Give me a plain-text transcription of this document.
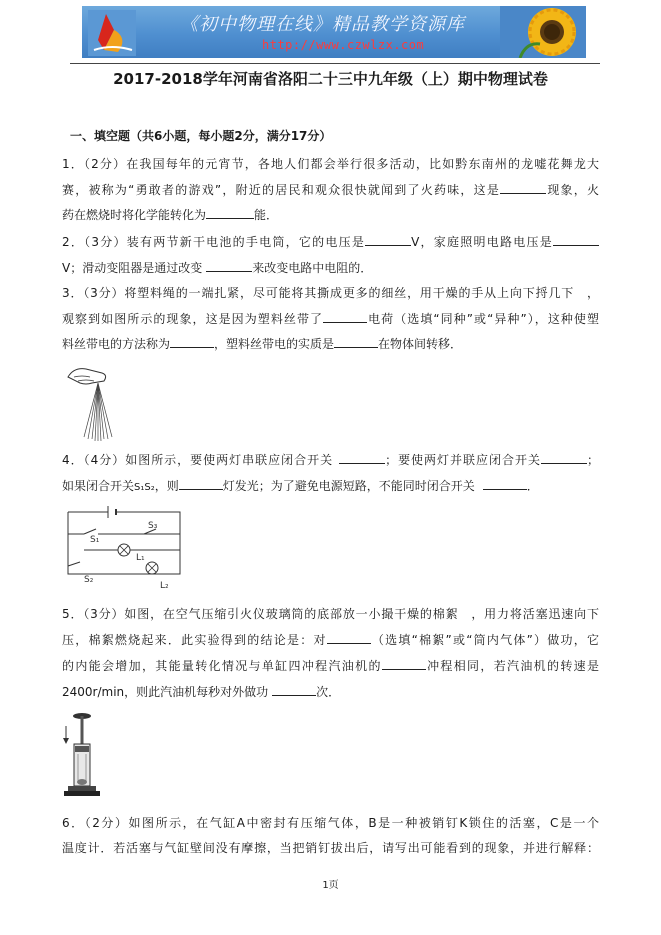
《初中物理在线》精品教学资源库
http://www.czwlzx.com
2017-2018学年河南省洛阳二十三中九年级（上）期中物理试卷
一、填空题（共6小题，每小题2分，满分17分）
1．（2分）在我国每年的元宵节，各地人们都会举行很多活动，比如黔东南州的龙嘘花舞龙大
赛，被称为“勇敢者的游戏”，附近的居民和观众很快就闻到了火药味，这是	现象，火
药在燃烧时将化学能转化为	能．
2．（3分）装有两节新干电池的手电筒，它的电压是	V，家庭照明电路电压是
V；滑动变阻器是通过改变	来改变电路中电阻的．
3．（3分）将塑料绳的一端扎紧，尽可能将其撕成更多的细丝，用干燥的手从上向下捋几下　，
观察到如图所示的现象，这是因为塑料丝带了	电荷（选填“同种”或“异种”），这种使塑
料丝带电的方法称为	，塑料丝带电的实质是	在物体间转移．
4．（4分）如图所示，要使两灯串联应闭合开关	；要使两灯并联应闭合开关	；
如果闭合开关S₁S₂，则	灯发光；为了避免电源短路，不能同时闭合开关	．
S₁
S₃
L₁
S₂
L₂
5．（3分）如图，在空气压缩引火仪玻璃筒的底部放一小撮干燥的棉絮　，用力将活塞迅速向下
压，棉絮燃烧起来．此实验得到的结论是：对	（选填“棉絮”或“筒内气体”）做功，它
的内能会增加，其能量转化情况与单缸四冲程汽油机的	冲程相同，若汽油机的转速是
2400r/min，则此汽油机每秒对外做功	次．
6．（2分）如图所示，在气缸A中密封有压缩气体，B是一种被销钉K锁住的活塞，C是一个
温度计．若活塞与气缸壁间没有摩擦，当把销钉拔出后，请写出可能看到的现象，并进行解释：
1页
